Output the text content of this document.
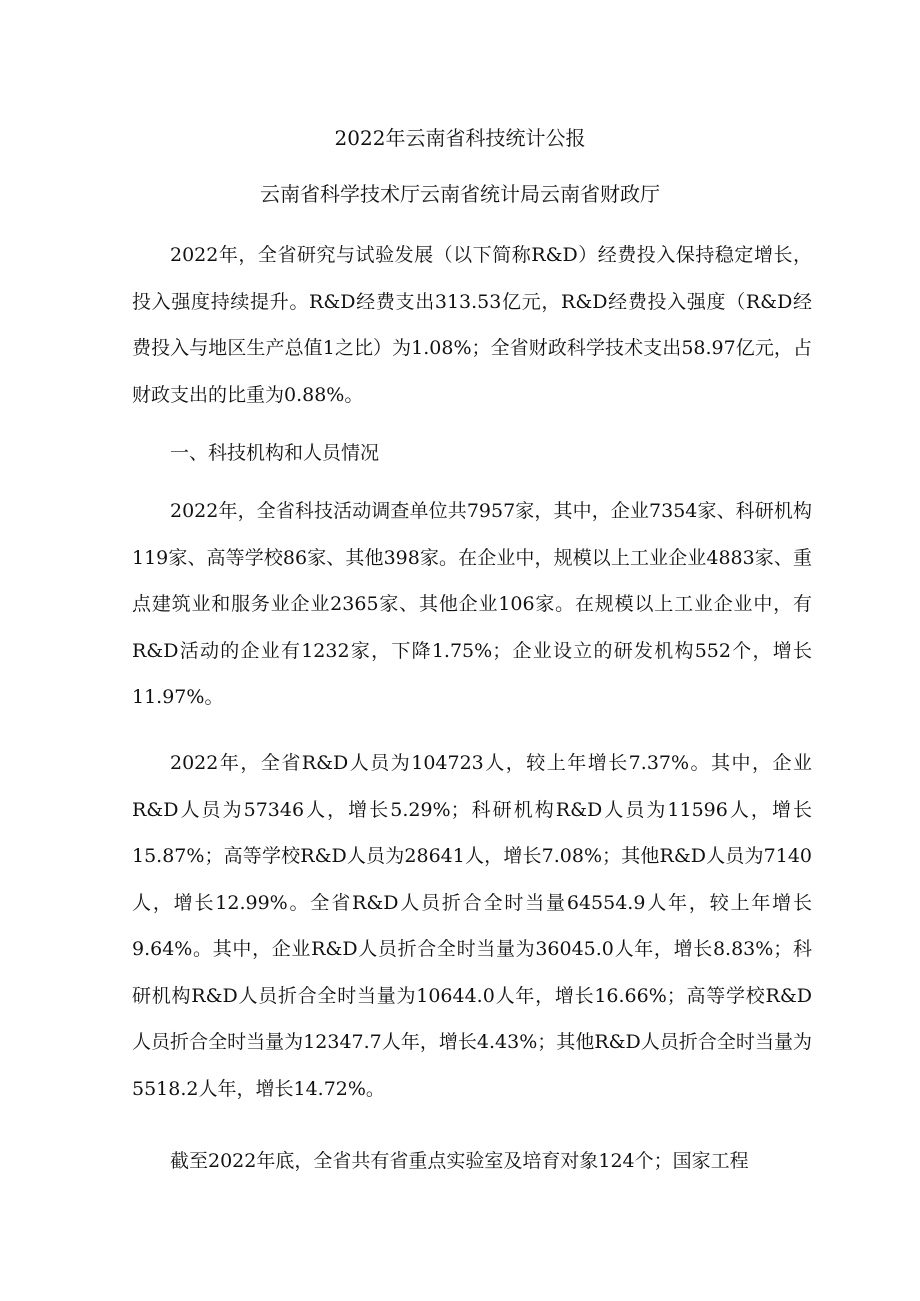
2022年云南省科技统计公报
云南省科学技术厅云南省统计局云南省财政厅

2022年，全省研究与试验发展（以下简称R&D）经费投入保持稳定增长，投入强度持续提升。R&D经费支出313.53亿元，R&D经费投入强度（R&D经费投入与地区生产总值1之比）为1.08%；全省财政科学技术支出58.97亿元，占财政支出的比重为0.88%。

一、科技机构和人员情况

2022年，全省科技活动调查单位共7957家，其中，企业7354家、科研机构119家、高等学校86家、其他398家。在企业中，规模以上工业企业4883家、重点建筑业和服务业企业2365家、其他企业106家。在规模以上工业企业中，有R&D活动的企业有1232家，下降1.75%；企业设立的研发机构552个，增长11.97%。

2022年，全省R&D人员为104723人，较上年增长7.37%。其中，企业R&D人员为57346人，增长5.29%；科研机构R&D人员为11596人，增长15.87%；高等学校R&D人员为28641人，增长7.08%；其他R&D人员为7140人，增长12.99%。全省R&D人员折合全时当量64554.9人年，较上年增长9.64%。其中，企业R&D人员折合全时当量为36045.0人年，增长8.83%；科研机构R&D人员折合全时当量为10644.0人年，增长16.66%；高等学校R&D人员折合全时当量为12347.7人年，增长4.43%；其他R&D人员折合全时当量为5518.2人年，增长14.72%。

截至2022年底，全省共有省重点实验室及培育对象124个；国家工程
